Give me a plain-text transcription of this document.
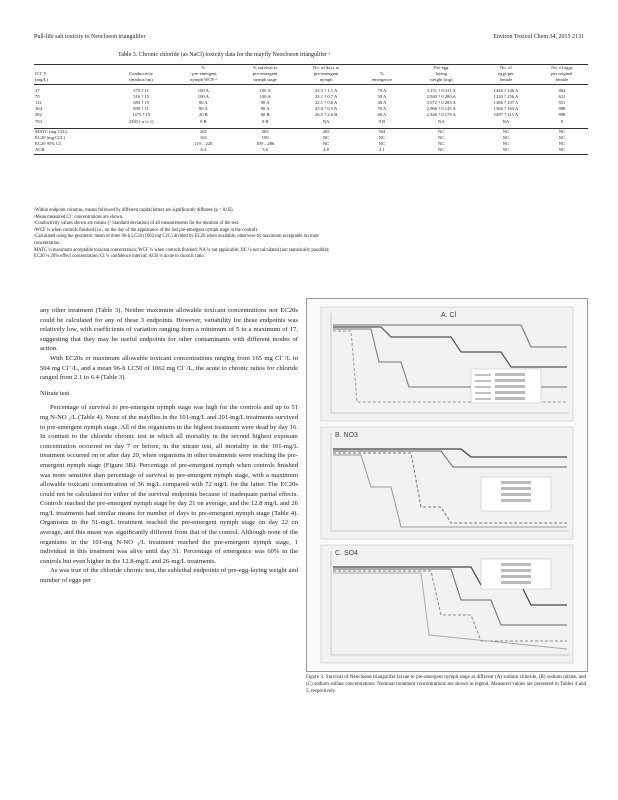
Pull-life salt toxicity to Neocloeon triangulifer	Environ Toxicol Chem 34, 2015 2131
Table 3. Chronic chloride (as NaCl) toxicity data for the mayfly Neocloeon triangulifer ᵃ
		%	% survival to	No. of days to		Pre-egg	No. of	No. of eggs
[Cl⁻]ᵇ	Conductivity	ᶜ pre-emergent	pre-emergent	pre-emergent	%	laying	eggs per	per original
(mg/L)	(mmhos/cm)	nymph WCF ᵈ	nymph stage	nymph	emergence	weight (mg)	female	female

27	375 ? 11	100 A	100 A	23.5 ? 1.1 A	70 A	3.151 ? 0.311 A	1446 ? 146 A	864
70	516 ? 15	100 A	100 A	23.1 ? 0.7 A	50 A	2.940 ? 0.280 A	1320 ? 256 A	631
112	683 ? 15	90 A	90 A	22.1 ? 0.6 A	40 A	3.072 ? 0.283 A	1386 ? 107 A	551
164	899 ? 11	80 A	80 A	23.0 ? 0.5 A	70 A	2.966 ? 0.145 A	1366 ? 163 A	888
382	1473 ? 15	20 B	60 B	26.5 ? 2.6 B	60 A	2.346 ? 0.179 A	1497 ? 115 A	898
703	2350 ( n ¼ 1)	0 B	0 B	NA	0 B	NA	NA	0

MATC (mg Cl/L)		265	265	265	504	NC	NC	NC
EC20 (mg Cl/L)		165	190	NC	NC	NC	NC	NC
EC20 95% CI		119 – 220	109 – 286	NC	NC	NC	NC	NC
ACR		6.4	5.6	4.0	2.1	NC	NC	NC
ᵃWithin endpoint columns, means followed by different capital letters are signiﬁcantly different (p < 0.05).
ᵇMean measured Cl⁻ concentrations are shown.
ᶜConductivity values shown are means (? Standard deviation) of all measurements for the duration of the test.
ᵈWCF ¼ when controls ﬁnished (i.e., on the day of the appearance of the last pre-emergent nymph stage in the control).
ᵉCalculated using the geometric mean of three 96-h LC50 (1062 mg Cl/L) divided by EC20 when available, otherwise by maximum acceptable toxicant
concentration.
MATC ¼ maximum acceptable toxicant concentration; WCF ¼ when controls ﬁnished; NA ¼ not applicable; NC ¼ not calculated (not statistically possible);
EC20 ¼ 20% effect concentration; CI ¼ conﬁdence interval; ACR ¼ acute to chronic ratio.

any other treatment (Table 3). Neither maximum allowable toxicant concentrations nor EC20s could be calculated for any of these 3 endpoints. However, variability for these endpoints was relatively low, with coefﬁcients of variation ranging from a minimum of 5 to a maximum of 17, suggesting that they may be useful endpoints for other contaminants with different modes of action.

With EC20s or maximum allowable toxicant concentrations ranging from 165 mg Cl⁻/L to 504 mg Cl⁻/L, and a mean 96-h LC50 of 1062 mg Cl⁻/L, the acute to chronic ratios for chloride ranged from 2.1 to 6.4 (Table 3).

Nitrate test

Percentage of survival to pre-emergent nymph stage was high for the controls and up to 51 mg N-NO ₃/L (Table 4). None of the mayﬂies in the 101-mg/L and 201-mg/L treatments survived to pre-emergent nymph stage. All of the organisms in the highest treatment were dead by day 16. In contrast to the chloride chronic test in which all mortality in the second highest exposure concentration occurred on day 7 or before, in the nitrate test, all mortality in the 101-mg/L treatment occurred on or after day 20, when organisms in other treatments were reaching the pre-emergent nymph stage (Figure 3B). Percentage of pre-emergent nymph when controls ﬁnished was more sensitive than percentage of survival to pre-emergent nymph stage, with a maximum allowable toxicant concentration of 36 mg/L compared with 72 mg/L for the latter. The EC20s could not be calculated for either of the survival endpoints because of inadequate partial effects. Controls reached the pre-emergent nymph stage by day 21 on average, and the 12.8 mg/L and 26 mg/L treatments had similar means for number of days to pre-emergent nymph stage (Table 4). Organisms in the 51-mg/L treatment reached the pre-emergent nymph stage on day 22 on average, and this mean was signiﬁcantly different from that of the control. Although none of the organisms in the 101-mg N-NO ₃/L treatment reached the pre-emergent nymph stage, 1 individual in this treatment was alive until day 31. Percentage of emergence was 60% in the controls but even higher in the 12.8-mg/L and 26-mg/L treatments.

As was true of the chloride chronic test, the sublethal endpoints of pre-egg-laying weight and number of eggs per

A. Cl
B. NO3
C. SO4
Figure 3. Survival of Neocloeon triangulifer larvae to pre-emergent nymph stage at different (A) sodium chloride, (B) sodium nitrate, and (C) sodium sulfate concentrations. Nominal treatment concentrations are shown in legend. Measured values are presented in Tables 4 and 5, respectively.
